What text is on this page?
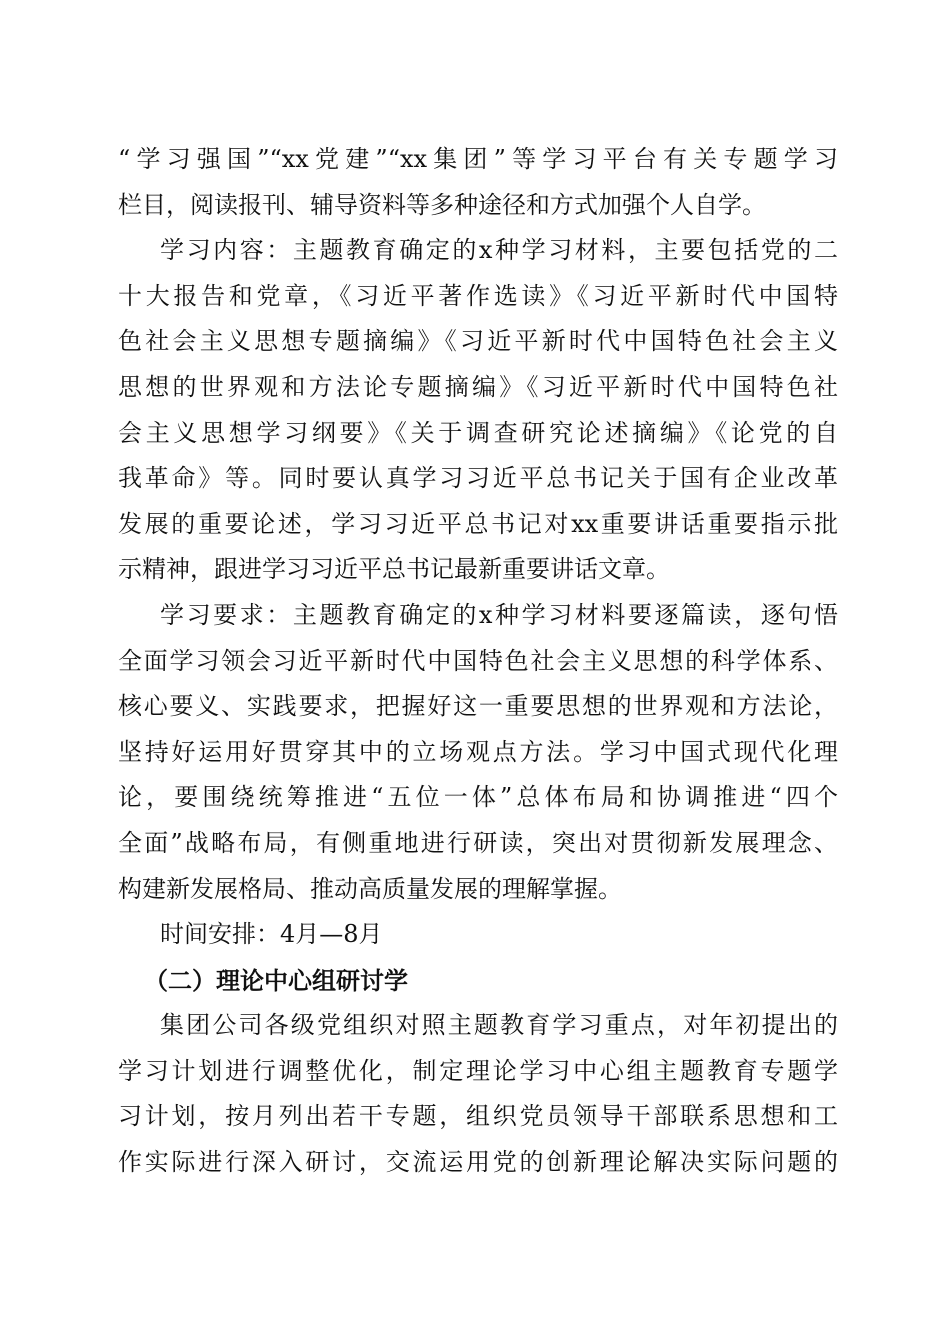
“学习强国”“xx党建”“xx集团”等学习平台有关专题学习
栏目，阅读报刊、辅导资料等多种途径和方式加强个人自学。
学习内容：主题教育确定的x种学习材料，主要包括党的二
十大报告和党章，《习近平著作选读》《习近平新时代中国特
色社会主义思想专题摘编》《习近平新时代中国特色社会主义
思想的世界观和方法论专题摘编》《习近平新时代中国特色社
会主义思想学习纲要》《关于调查研究论述摘编》《论党的自
我革命》等。同时要认真学习习近平总书记关于国有企业改革
发展的重要论述，学习习近平总书记对xx重要讲话重要指示批
示精神，跟进学习习近平总书记最新重要讲话文章。
学习要求：主题教育确定的x种学习材料要逐篇读，逐句悟
全面学习领会习近平新时代中国特色社会主义思想的科学体系、
核心要义、实践要求，把握好这一重要思想的世界观和方法论，
坚持好运用好贯穿其中的立场观点方法。学习中国式现代化理
论，要围绕统筹推进“五位一体”总体布局和协调推进“四个
全面”战略布局，有侧重地进行研读，突出对贯彻新发展理念、
构建新发展格局、推动高质量发展的理解掌握。
时间安排：4月—8月
（二）理论中心组研讨学
集团公司各级党组织对照主题教育学习重点，对年初提出的
学习计划进行调整优化，制定理论学习中心组主题教育专题学
习计划，按月列出若干专题，组织党员领导干部联系思想和工
作实际进行深入研讨，交流运用党的创新理论解决实际问题的
